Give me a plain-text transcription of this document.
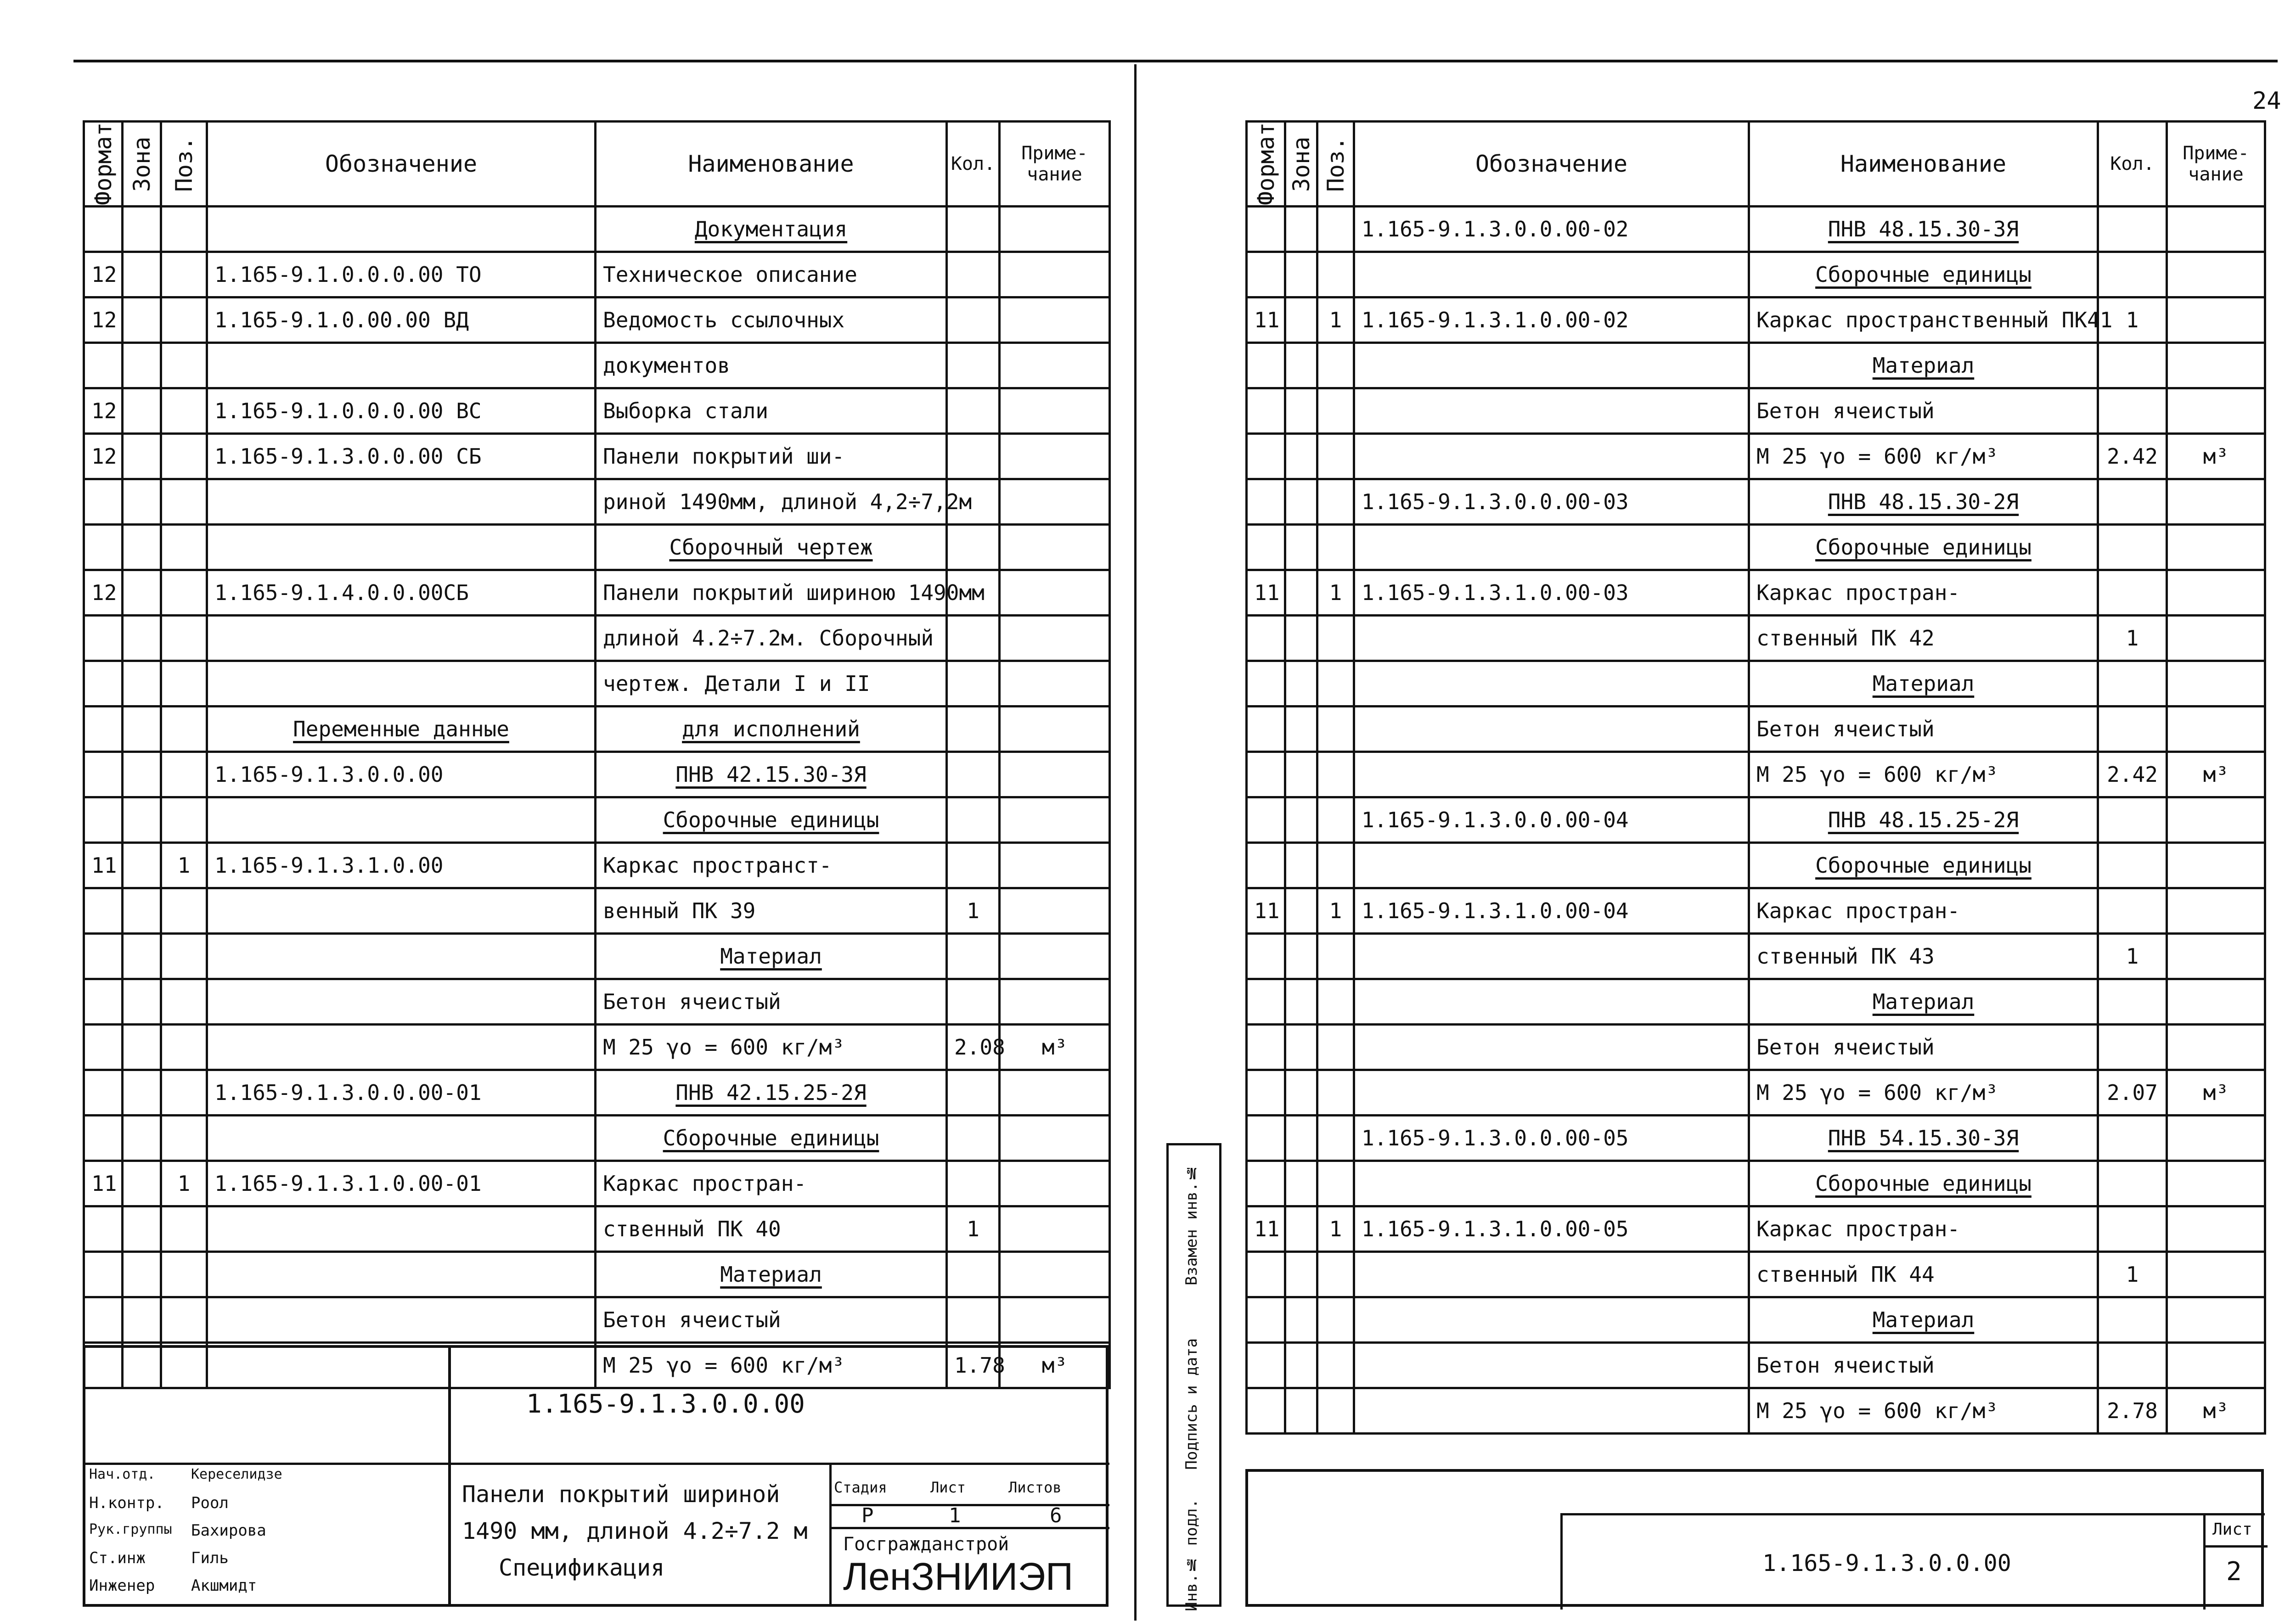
24
Формат	Зона	Поз.	Обозначение	Наименование	Кол.	Приме-чание
				Документация		
12			1.165-9.1.0.0.0.00 ТО	Техническое описание		
12			1.165-9.1.0.00.00 ВД	Ведомость ссылочных		
				документов		
12			1.165-9.1.0.0.0.00 ВС	Выборка стали		
12			1.165-9.1.3.0.0.00 СБ	Панели покрытий ши-		
				риной 1490мм, длиной 4,2÷7,2м		
				Сборочный чертеж		
12			1.165-9.1.4.0.0.00СБ	Панели покрытий шириною 1490мм		
				длиной 4.2÷7.2м. Сборочный		
				чертеж. Детали I и II		
			Переменные данные	для исполнений		
			1.165-9.1.3.0.0.00	ПНВ 42.15.30-3Я		
				Сборочные единицы		
11		1	1.165-9.1.3.1.0.00	Каркас пространст-		
				венный ПК 39	1	
				Материал		
				Бетон ячеистый		
				М 25 γо = 600 кг/м³	2.08	м³
			1.165-9.1.3.0.0.00-01	ПНВ 42.15.25-2Я		
				Сборочные единицы		
11		1	1.165-9.1.3.1.0.00-01	Каркас простран-		
				ственный ПК 40	1	
				Материал		
				Бетон ячеистый		
				М 25 γо = 600 кг/м³	1.78	м³
1.165-9.1.3.0.0.00
Панели покрытий шириной
1490 мм, длиной 4.2÷7.2 м
Спецификация
Стадия	Лист	Листов
Р	1	6
Госгражданстрой
ЛенЗНИИЭП
Нач.отд.	Кереселидзе
Н.контр. Роол
Рук.группы Бахирова
Ст.инж	Гиль
Инженер Акшмидт
Формат	Зона	Поз.	Обозначение	Наименование	Кол.	Приме-чание
			1.165-9.1.3.0.0.00-02	ПНВ 48.15.30-3Я		
				Сборочные единицы		
11		1	1.165-9.1.3.1.0.00-02	Каркас пространственный ПК41	1	
				Материал		
				Бетон ячеистый		
				М 25 γо = 600 кг/м³	2.42	м³
			1.165-9.1.3.0.0.00-03	ПНВ 48.15.30-2Я		
				Сборочные единицы		
11		1	1.165-9.1.3.1.0.00-03	Каркас простран-		
				ственный ПК 42	1	
				Материал		
				Бетон ячеистый		
				М 25 γо = 600 кг/м³	2.42	м³
			1.165-9.1.3.0.0.00-04	ПНВ 48.15.25-2Я		
				Сборочные единицы		
11		1	1.165-9.1.3.1.0.00-04	Каркас простран-		
				ственный ПК 43	1	
				Материал		
				Бетон ячеистый		
				М 25 γо = 600 кг/м³	2.07	м³
			1.165-9.1.3.0.0.00-05	ПНВ 54.15.30-3Я		
				Сборочные единицы		
11		1	1.165-9.1.3.1.0.00-05	Каркас простран-		
				ственный ПК 44	1	
				Материал		
				Бетон ячеистый		
				М 25 γо = 600 кг/м³	2.78	м³
Инв.№ подл.
Подпись и дата
Взамен инв.№
1.165-9.1.3.0.0.00
Лист
2
